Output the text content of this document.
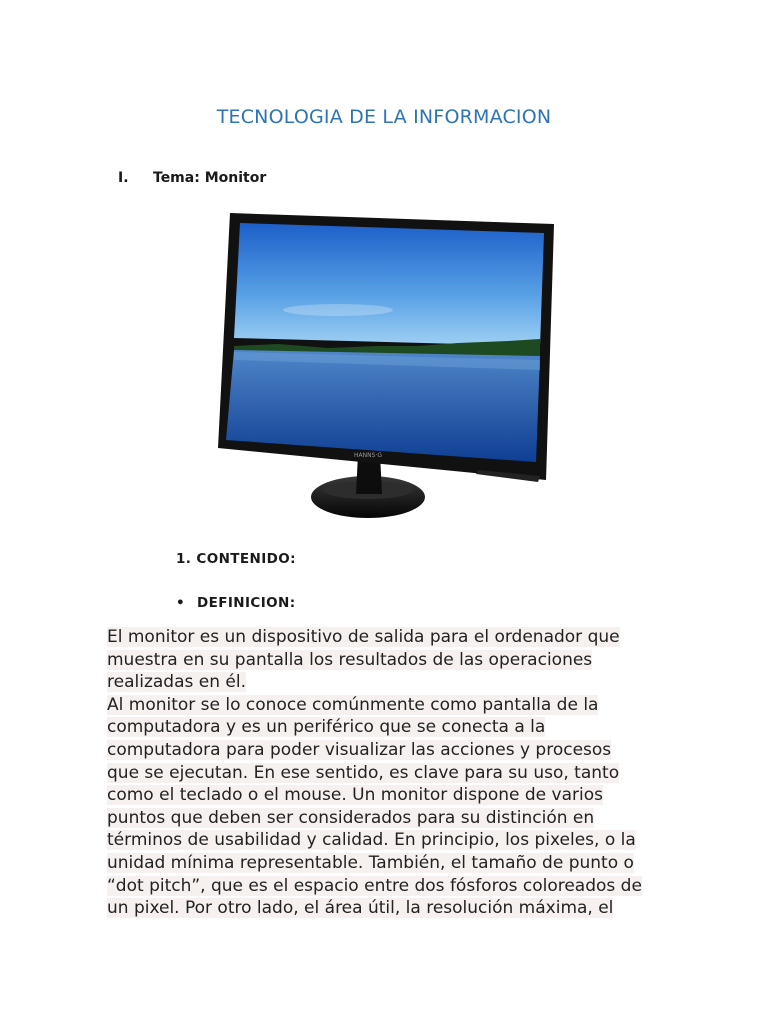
TECNOLOGIA DE LA INFORMACION
I. Tema: Monitor
HANNS·G
1. CONTENIDO:
• DEFINICION:
El monitor es un dispositivo de salida para el ordenador que
muestra en su pantalla los resultados de las operaciones
realizadas en él.
Al monitor se lo conoce comúnmente como pantalla de la
computadora y es un periférico que se conecta a la
computadora para poder visualizar las acciones y procesos
que se ejecutan. En ese sentido, es clave para su uso, tanto
como el teclado o el mouse. Un monitor dispone de varios
puntos que deben ser considerados para su distinción en
términos de usabilidad y calidad. En principio, los pixeles, o la
unidad mínima representable. También, el tamaño de punto o
“dot pitch”, que es el espacio entre dos fósforos coloreados de
un pixel. Por otro lado, el área útil, la resolución máxima, el
